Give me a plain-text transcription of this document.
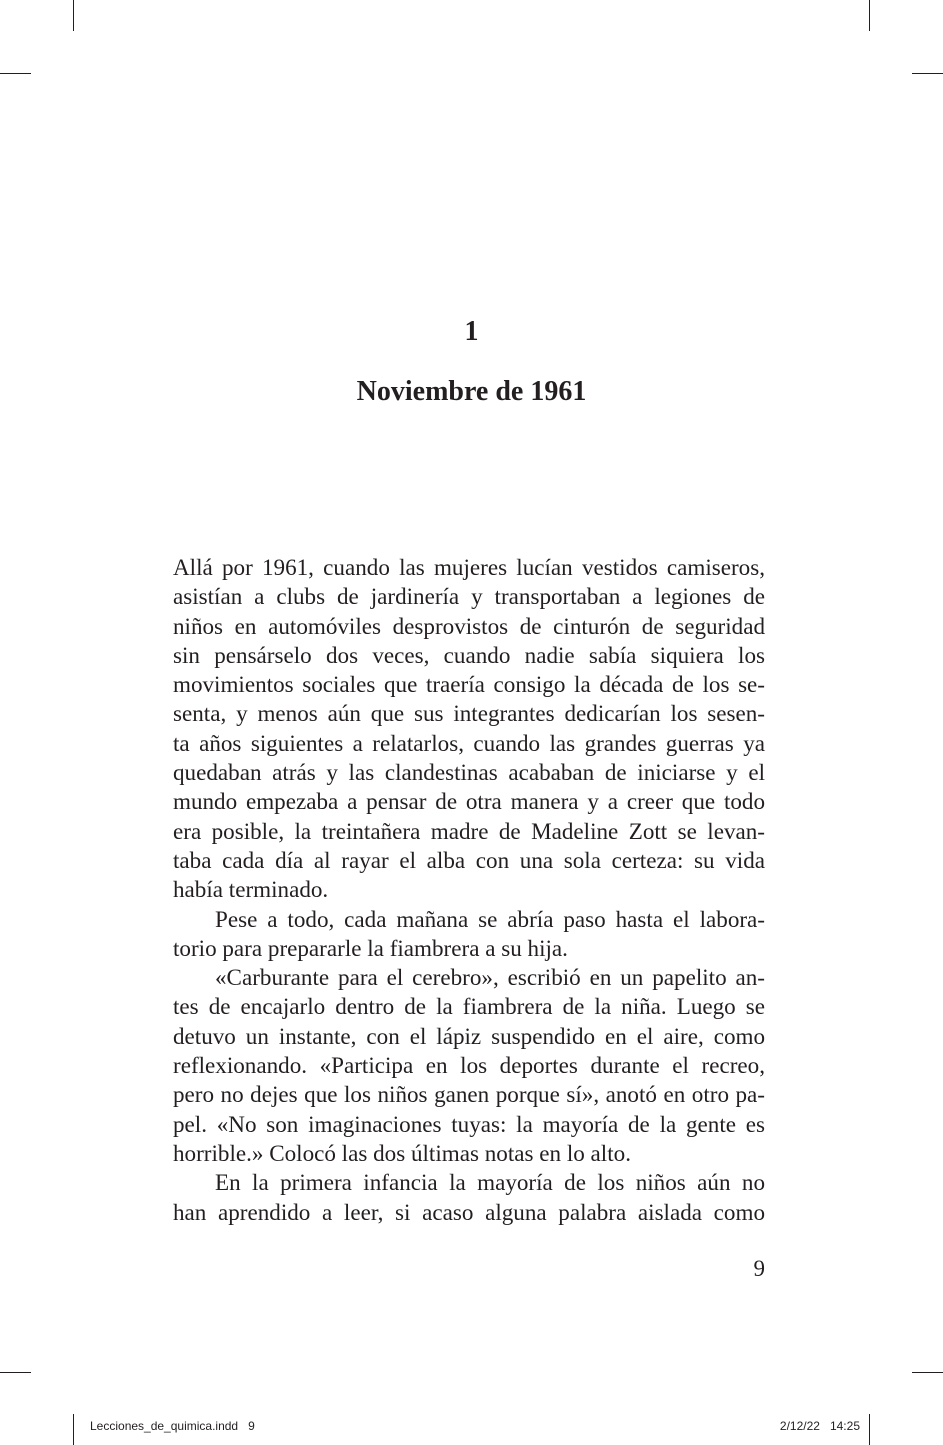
1
Noviembre de 1961
Allá por 1961, cuando las mujeres lucían vestidos camiseros,
asistían a clubs de jardinería y transportaban a legiones de
niños en automóviles desprovistos de cinturón de seguridad
sin pensárselo dos veces, cuando nadie sabía siquiera los
movimientos sociales que traería consigo la década de los se-
senta, y menos aún que sus integrantes dedicarían los sesen-
ta años siguientes a relatarlos, cuando las grandes guerras ya
quedaban atrás y las clandestinas acababan de iniciarse y el
mundo empezaba a pensar de otra manera y a creer que todo
era posible, la treintañera madre de Madeline Zott se levan-
taba cada día al rayar el alba con una sola certeza: su vida
había terminado.
Pese a todo, cada mañana se abría paso hasta el labora-
torio para prepararle la fiambrera a su hija.
«Carburante para el cerebro», escribió en un papelito an-
tes de encajarlo dentro de la fiambrera de la niña. Luego se
detuvo un instante, con el lápiz suspendido en el aire, como
reflexionando. «Participa en los deportes durante el recreo,
pero no dejes que los niños ganen porque sí», anotó en otro pa-
pel. «No son imaginaciones tuyas: la mayoría de la gente es
horrible.» Colocó las dos últimas notas en lo alto.
En la primera infancia la mayoría de los niños aún no
han aprendido a leer, si acaso alguna palabra aislada como
9
Lecciones_de_quimica.indd   9	2/12/22   14:25
